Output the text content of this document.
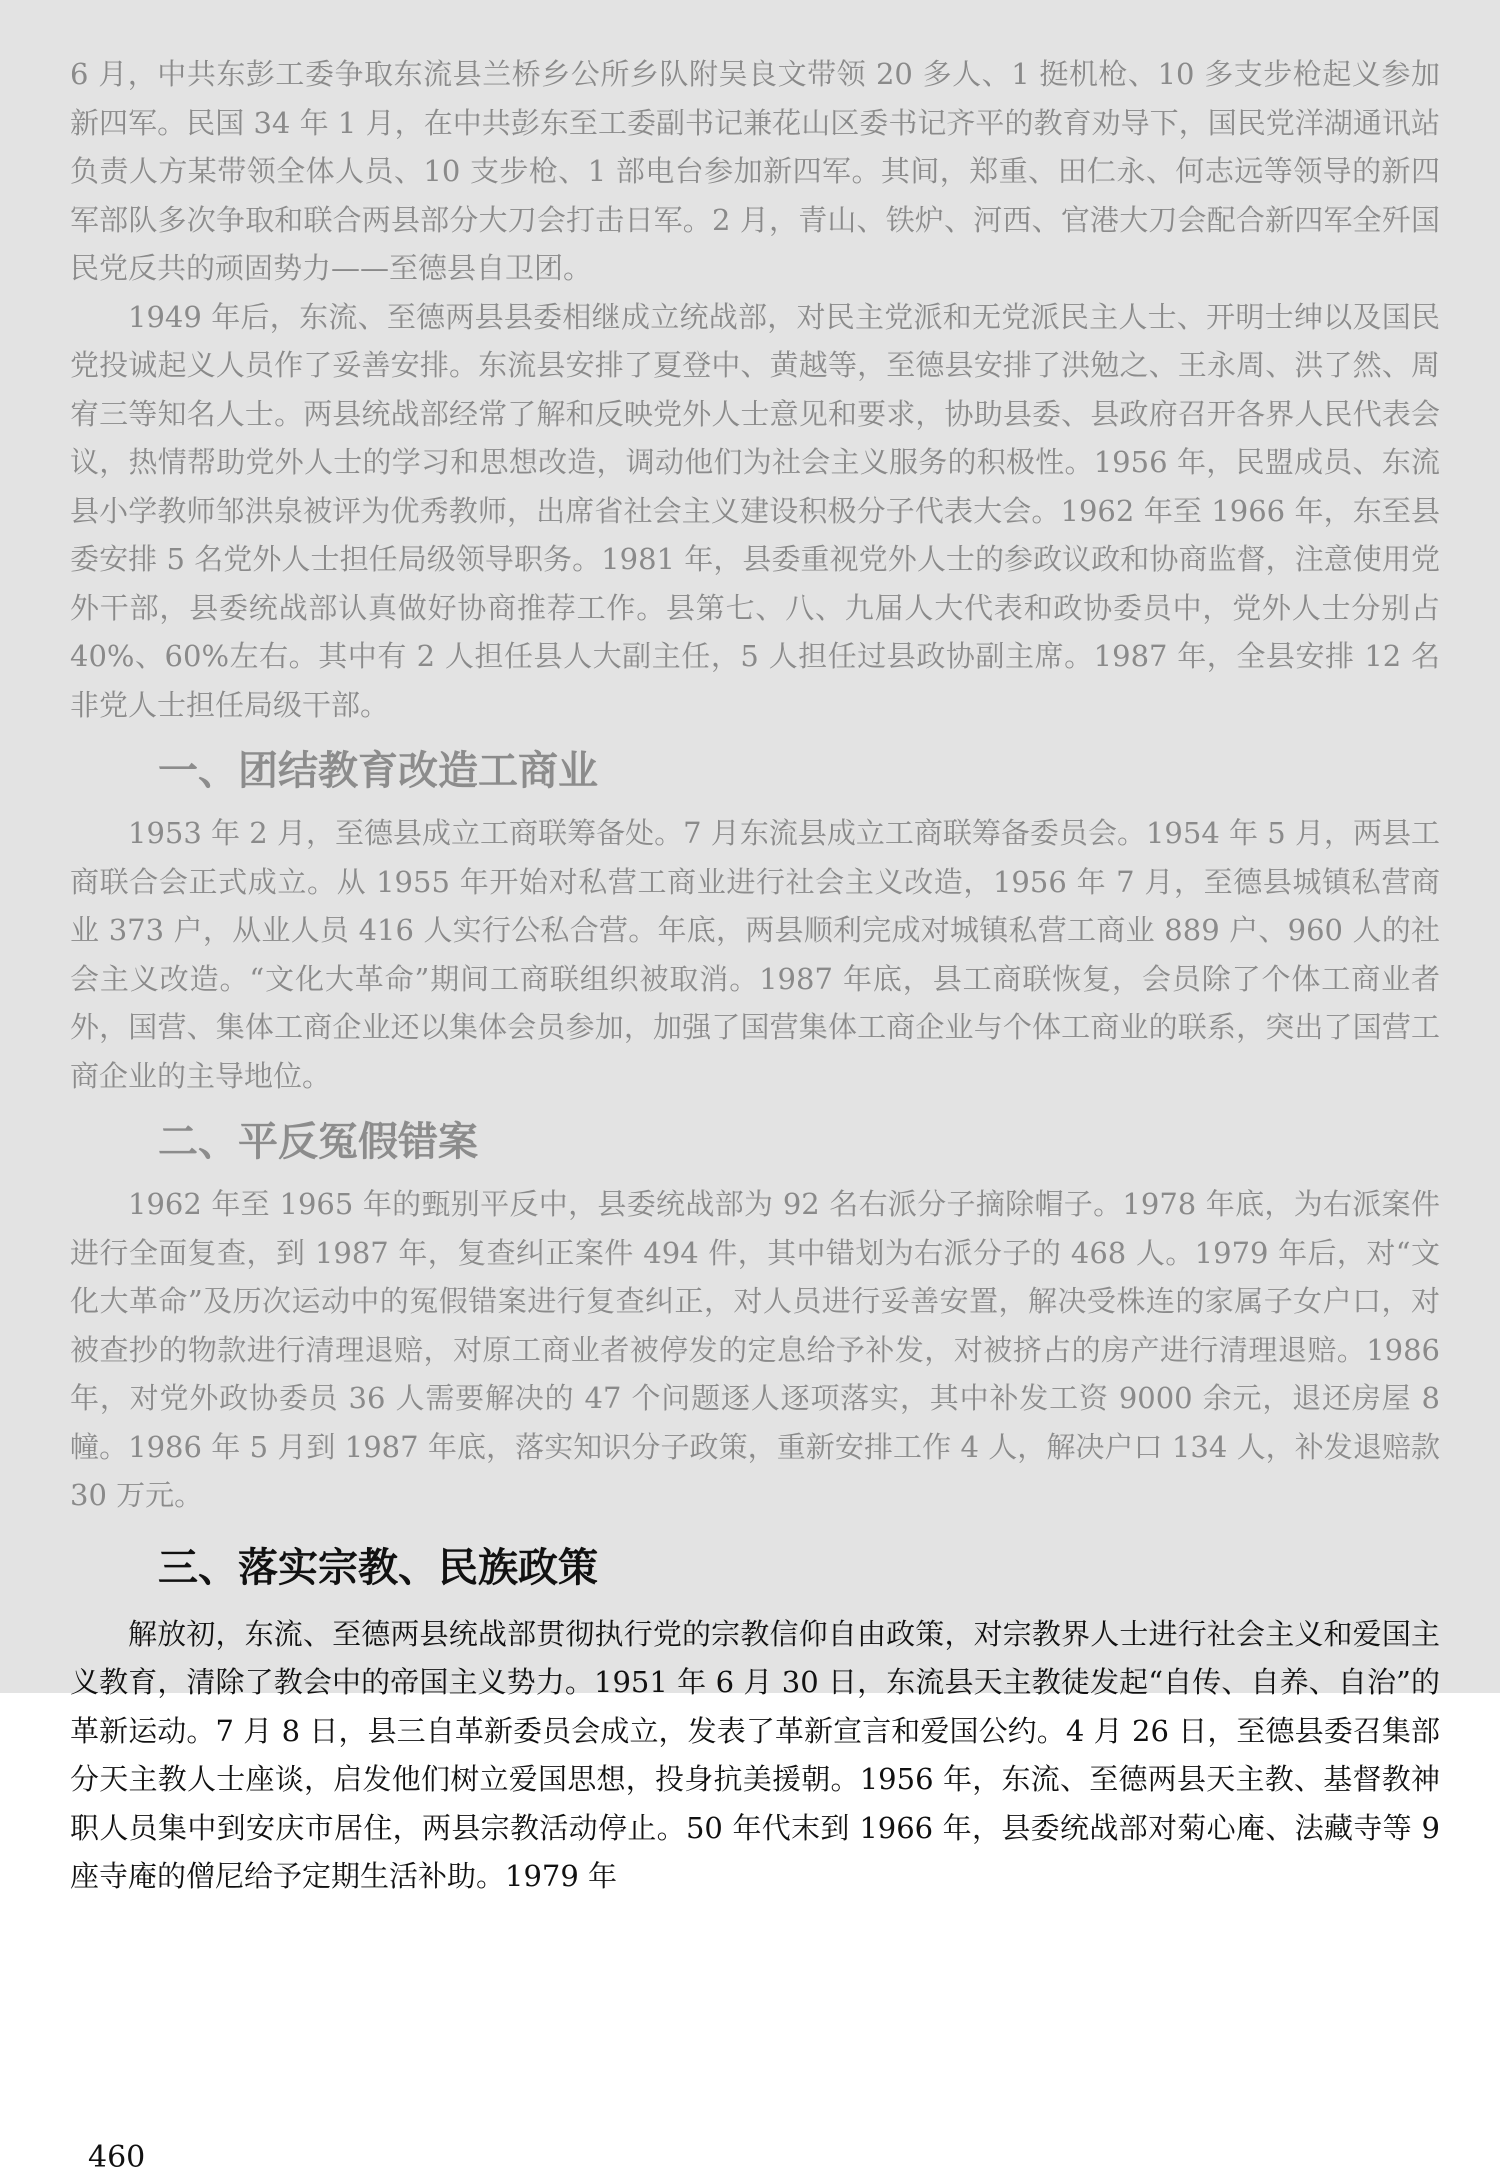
6 月，中共东彭工委争取东流县兰桥乡公所乡队附吴良文带领 20 多人、1 挺机枪、10 多支步枪起义参加新四军。民国 34 年 1 月，在中共彭东至工委副书记兼花山区委书记齐平的教育劝导下，国民党洋湖通讯站负责人方某带领全体人员、10 支步枪、1 部电台参加新四军。其间，郑重、田仁永、何志远等领导的新四军部队多次争取和联合两县部分大刀会打击日军。2 月，青山、铁炉、河西、官港大刀会配合新四军全歼国民党反共的顽固势力——至德县自卫团。

1949 年后，东流、至德两县县委相继成立统战部，对民主党派和无党派民主人士、开明士绅以及国民党投诚起义人员作了妥善安排。东流县安排了夏登中、黄越等，至德县安排了洪勉之、王永周、洪了然、周宥三等知名人士。两县统战部经常了解和反映党外人士意见和要求，协助县委、县政府召开各界人民代表会议，热情帮助党外人士的学习和思想改造，调动他们为社会主义服务的积极性。1956 年，民盟成员、东流县小学教师邹洪泉被评为优秀教师，出席省社会主义建设积极分子代表大会。1962 年至 1966 年，东至县委安排 5 名党外人士担任局级领导职务。1981 年，县委重视党外人士的参政议政和协商监督，注意使用党外干部，县委统战部认真做好协商推荐工作。县第七、八、九届人大代表和政协委员中，党外人士分别占 40%、60%左右。其中有 2 人担任县人大副主任，5 人担任过县政协副主席。1987 年，全县安排 12 名非党人士担任局级干部。

一、团结教育改造工商业

1953 年 2 月，至德县成立工商联筹备处。7 月东流县成立工商联筹备委员会。1954 年 5 月，两县工商联合会正式成立。从 1955 年开始对私营工商业进行社会主义改造，1956 年 7 月，至德县城镇私营商业 373 户，从业人员 416 人实行公私合营。年底，两县顺利完成对城镇私营工商业 889 户、960 人的社会主义改造。“文化大革命”期间工商联组织被取消。1987 年底，县工商联恢复，会员除了个体工商业者外，国营、集体工商企业还以集体会员参加，加强了国营集体工商企业与个体工商业的联系，突出了国营工商企业的主导地位。

二、平反冤假错案

1962 年至 1965 年的甄别平反中，县委统战部为 92 名右派分子摘除帽子。1978 年底，为右派案件进行全面复查，到 1987 年，复查纠正案件 494 件，其中错划为右派分子的 468 人。1979 年后，对“文化大革命”及历次运动中的冤假错案进行复查纠正，对人员进行妥善安置，解决受株连的家属子女户口，对被查抄的物款进行清理退赔，对原工商业者被停发的定息给予补发，对被挤占的房产进行清理退赔。1986 年，对党外政协委员 36 人需要解决的 47 个问题逐人逐项落实，其中补发工资 9000 余元，退还房屋 8 幢。1986 年 5 月到 1987 年底，落实知识分子政策，重新安排工作 4 人，解决户口 134 人，补发退赔款 30 万元。

三、落实宗教、民族政策

解放初，东流、至德两县统战部贯彻执行党的宗教信仰自由政策，对宗教界人士进行社会主义和爱国主义教育，清除了教会中的帝国主义势力。1951 年 6 月 30 日，东流县天主教徒发起“自传、自养、自治”的革新运动。7 月 8 日，县三自革新委员会成立，发表了革新宣言和爱国公约。4 月 26 日，至德县委召集部分天主教人士座谈，启发他们树立爱国思想，投身抗美援朝。1956 年，东流、至德两县天主教、基督教神职人员集中到安庆市居住，两县宗教活动停止。50 年代末到 1966 年，县委统战部对菊心庵、法藏寺等 9 座寺庵的僧尼给予定期生活补助。1979 年

460
